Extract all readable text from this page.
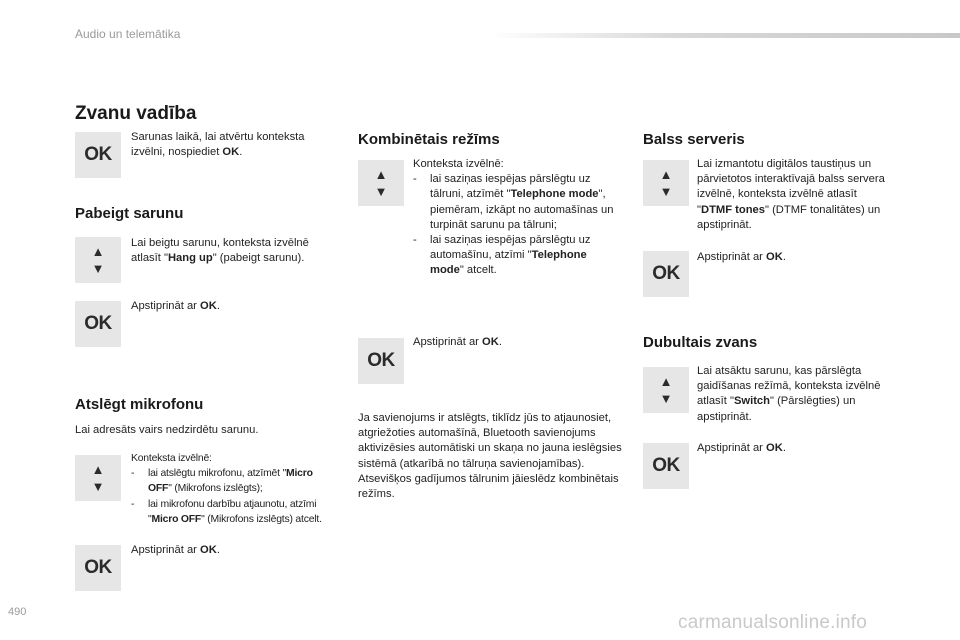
Audio un telemātika
Zvanu vadība
OK
Sarunas laikā, lai atvērtu konteksta izvēlni, nospiediet OK.
Pabeigt sarunu
▲
▼
Lai beigtu sarunu, konteksta izvēlnē atlasīt "Hang up" (pabeigt sarunu).
OK
Apstiprināt ar OK.
Atslēgt mikrofonu
Lai adresāts vairs nedzirdētu sarunu.
▲
▼
Konteksta izvēlnē:
- lai atslēgtu mikrofonu, atzīmēt "Micro OFF" (Mikrofons izslēgts);
- lai mikrofonu darbību atjaunotu, atzīmi "Micro OFF" (Mikrofons izslēgts) atcelt.
OK
Apstiprināt ar OK.
Kombinētais režīms
▲
▼
Konteksta izvēlnē:
- lai saziņas iespējas pārslēgtu uz tālruni, atzīmēt "Telephone mode", piemēram, izkāpt no automašīnas un turpināt sarunu pa tālruni;
- lai saziņas iespējas pārslēgtu uz automašīnu, atzīmi "Telephone mode" atcelt.
OK
Apstiprināt ar OK.
Ja savienojums ir atslēgts, tiklīdz jūs to atjaunosiet, atgriežoties automašīnā, Bluetooth savienojums aktivizēsies automātiski un skaņa no jauna ieslēgsies sistēmā (atkarībā no tālruņa savienojamības).
Atsevišķos gadījumos tālrunim jāieslēdz kombinētais režīms.
Balss serveris
▲
▼
Lai izmantotu digitālos taustiņus un pārvietotos interaktīvajā balss servera izvēlnē, konteksta izvēlnē atlasīt "DTMF tones" (DTMF tonalitātes) un apstiprināt.
OK
Apstiprināt ar OK.
Dubultais zvans
▲
▼
Lai atsāktu sarunu, kas pārslēgta gaidīšanas režīmā, konteksta izvēlnē atlasīt "Switch" (Pārslēgties) un apstiprināt.
OK
Apstiprināt ar OK.
490	carmanualsonline.info
